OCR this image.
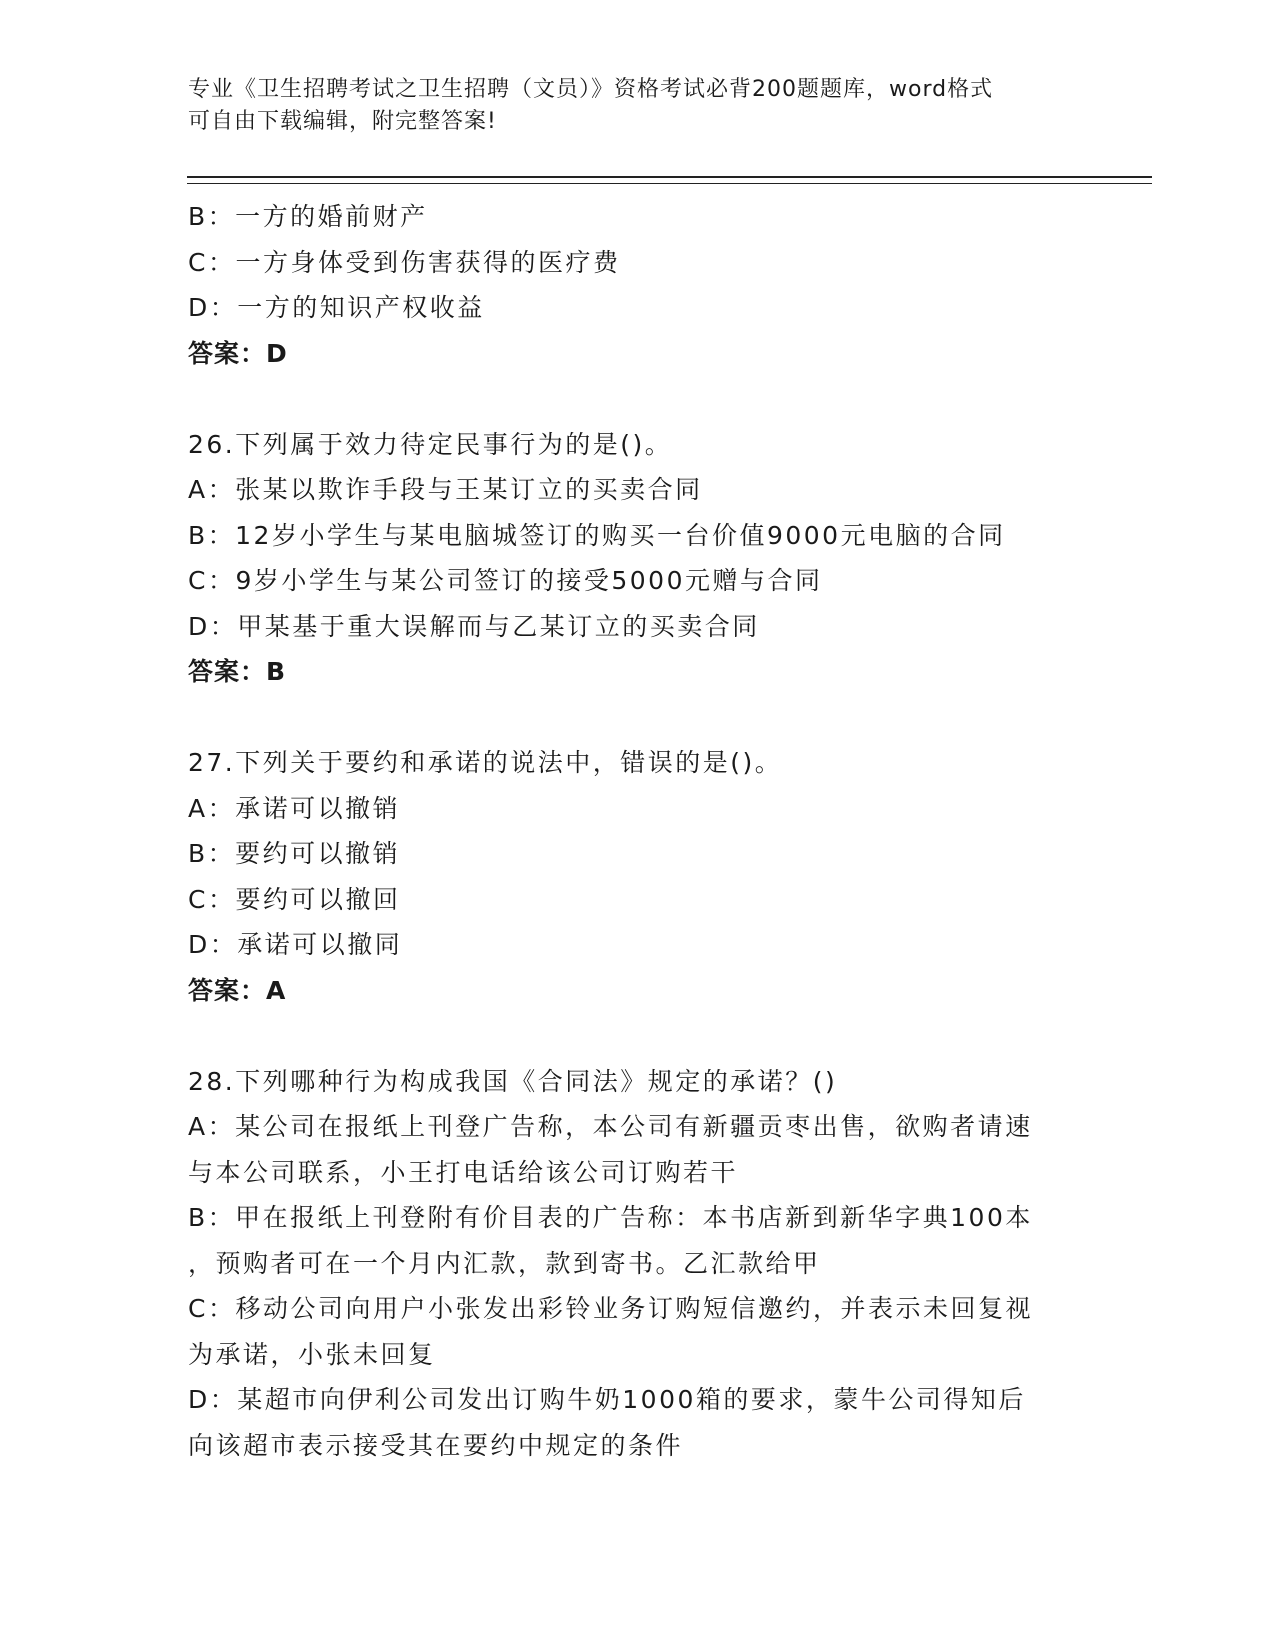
专业《卫生招聘考试之卫生招聘（文员）》资格考试必背200题题库，word格式

可自由下载编辑，附完整答案!

B：一方的婚前财产

C：一方身体受到伤害获得的医疗费

D：一方的知识产权收益

答案：D

26.下列属于效力待定民事行为的是()。

A：张某以欺诈手段与王某订立的买卖合同

B：12岁小学生与某电脑城签订的购买一台价值9000元电脑的合同

C：9岁小学生与某公司签订的接受5000元赠与合同

D：甲某基于重大误解而与乙某订立的买卖合同

答案：B

27.下列关于要约和承诺的说法中，错误的是()。

A：承诺可以撤销

B：要约可以撤销

C：要约可以撤回

D：承诺可以撤同

答案：A

28.下列哪种行为构成我国《合同法》规定的承诺？()

A：某公司在报纸上刊登广告称，本公司有新疆贡枣出售，欲购者请速

与本公司联系，小王打电话给该公司订购若干

B：甲在报纸上刊登附有价目表的广告称：本书店新到新华字典100本

，预购者可在一个月内汇款，款到寄书。乙汇款给甲

C：移动公司向用户小张发出彩铃业务订购短信邀约，并表示未回复视

为承诺，小张未回复

D：某超市向伊利公司发出订购牛奶1000箱的要求，蒙牛公司得知后

向该超市表示接受其在要约中规定的条件
